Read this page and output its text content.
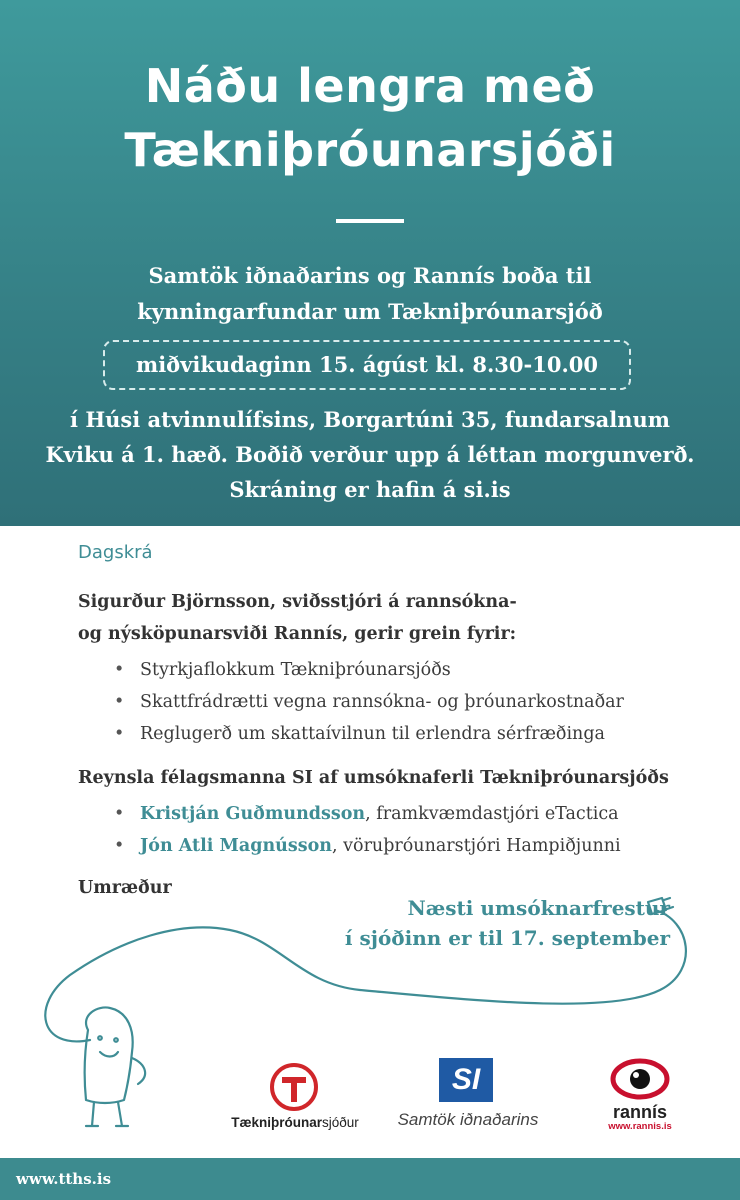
Náðu lengra með
Tækniþróunarsjóði
Samtök iðnaðarins og Rannís boða til
kynningarfundar um Tækniþróunarsjóð
miðvikudaginn 15. ágúst kl. 8.30-10.00
í Húsi atvinnulífsins, Borgartúni 35, fundarsalnum
Kviku á 1. hæð. Boðið verður upp á léttan morgunverð.
Skráning er hafin á si.is
Dagskrá
Sigurður Björnsson, sviðsstjóri á rannsókna-
og nýsköpunarsviði Rannís, gerir grein fyrir:
• Styrkjaflokkum Tækniþróunarsjóðs
• Skattfrádrætti vegna rannsókna- og þróunarkostnaðar
• Reglugerð um skattaívilnun til erlendra sérfræðinga
Reynsla félagsmanna SI af umsóknaferli Tækniþróunarsjóðs
• Kristján Guðmundsson, framkvæmdastjóri eTactica
• Jón Atli Magnússon, vöruþróunarstjóri Hampiðjunni
Umræður
Næsti umsóknarfrestur
í sjóðinn er til 17. september
Tækniþróunarsjóður
SI
Samtök iðnaðarins	rannís
www.rannis.is
www.tths.is
